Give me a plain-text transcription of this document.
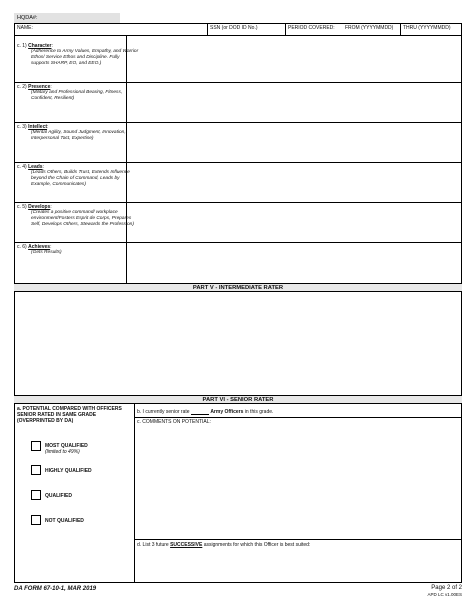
HQDA#:
NAME:	SSN (or DOD ID No.)	PERIOD COVERED: FROM (YYYYMMDD) THRU (YYYYMMDD)
c. 1) Character:
(Adherence to Army Values, Empathy, and Warrior Ethos/ Service Ethos and Discipline. Fully supports SHARP, EO, and EEO.)
c. 2) Presence:
(Military and Professional Bearing, Fitness, Confident, Resilient)
c. 3) Intellect:
(Mental Agility, Sound Judgment, Innovation, Interpersonal Tact, Expertise)
c. 4) Leads:
(Leads Others, Builds Trust, Extends Influence beyond the Chain of Command, Leads by Example, Communicates)
c. 5) Develops:
(Creates a positive command/ workplace environment/Fosters Esprit de Corps, Prepares Self, Develops Others, Stewards the Profession)
c. 6) Achieves:
(Gets Results)
PART V - INTERMEDIATE RATER
PART VI - SENIOR RATER
a. POTENTIAL COMPARED WITH OFFICERS SENIOR RATED IN SAME GRADE (OVERPRINTED BY DA)
b. I currently senior rate	Army Officers in this grade.
c. COMMENTS ON POTENTIAL:
MOST QUALIFIED
(limited to 49%)
HIGHLY QUALIFIED
QUALIFIED
NOT QUALIFIED
d. List 3 future SUCCESSIVE assignments for which this Officer is best suited:
DA FORM 67-10-1, MAR 2019	Page 2 of 2
APD LC v1.00ES
